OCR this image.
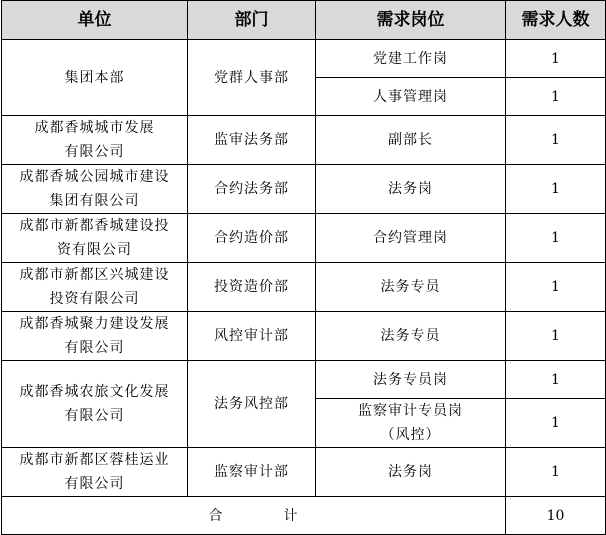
单位	部门	需求岗位	需求人数

集团本部	党群人事部	党建工作岗	1

		人事管理岗	1

成都香城城市发展
有限公司	监审法务部	副部长	1

成都香城公园城市建设
集团有限公司	合约法务部	法务岗	1

成都市新都香城建设投
资有限公司	合约造价部	合约管理岗	1

成都市新都区兴城建设
投资有限公司	投资造价部	法务专员	1

成都香城聚力建设发展
有限公司	风控审计部	法务专员	1

成都香城农旅文化发展
有限公司	法务风控部	法务专员岗	1

		监察审计专员岗
（风控）	1

成都市新都区蓉桂运业
有限公司	监察审计部	法务岗	1
合　　　　计			10
